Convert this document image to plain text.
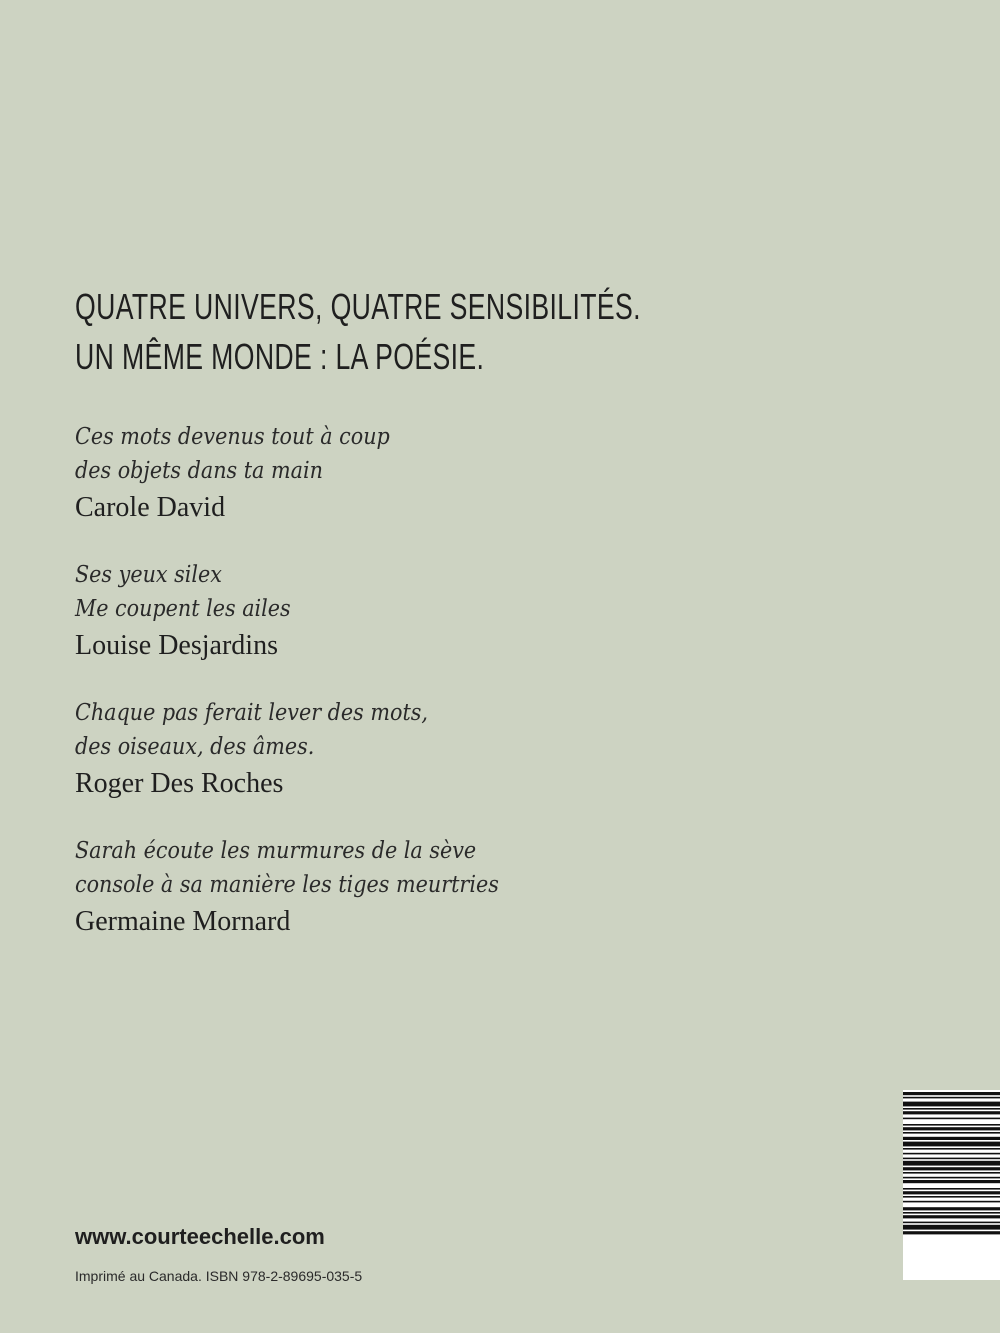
QUATRE UNIVERS, QUATRE SENSIBILITÉS.
UN MÊME MONDE : LA POÉSIE.
Ces mots devenus tout à coup
des objets dans ta main
Carole David
Ses yeux silex
Me coupent les ailes
Louise Desjardins
Chaque pas ferait lever des mots,
des oiseaux, des âmes.
Roger Des Roches
Sarah écoute les murmures de la sève
console à sa manière les tiges meurtries
Germaine Mornard
www.courteechelle.com
Imprimé au Canada. ISBN 978-2-89695-035-5
